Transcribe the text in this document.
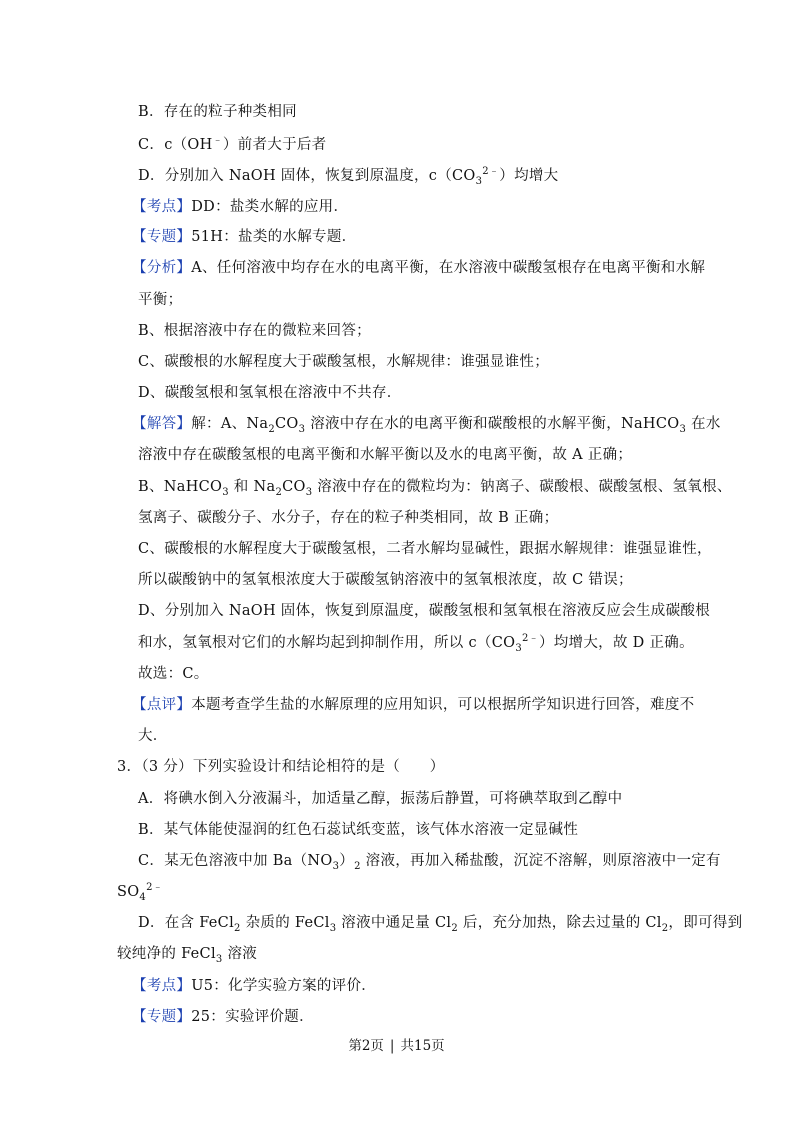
B．存在的粒子种类相同
C．c（OH﹣）前者大于后者
D．分别加入 NaOH 固体，恢复到原温度，$c(CO_3^{2﹣})$均增大
【考点】DD：盐类水解的应用．
【专题】51H：盐类的水解专题．
【分析】A、任何溶液中均存在水的电离平衡，在水溶液中碳酸氢根存在电离平衡和水解
平衡；
B、根据溶液中存在的微粒来回答；
C、碳酸根的水解程度大于碳酸氢根，水解规律：谁强显谁性；
D、碳酸氢根和氢氧根在溶液中不共存．
【解答】解：A、$Na_2CO_3$ 溶液中存在水的电离平衡和碳酸根的水解平衡，NaHCO$_3$ 在水
溶液中存在碳酸氢根的电离平衡和水解平衡以及水的电离平衡，故 A 正确；
B、NaHCO$_3$ 和 $Na_2CO_3$ 溶液中存在的微粒均为：钠离子、碳酸根、碳酸氢根、氢氧根、
氢离子、碳酸分子、水分子，存在的粒子种类相同，故 B 正确；
C、碳酸根的水解程度大于碳酸氢根，二者水解均显碱性，跟据水解规律：谁强显谁性，
所以碳酸钠中的氢氧根浓度大于碳酸氢钠溶液中的氢氧根浓度，故 C 错误；
D、分别加入 NaOH 固体，恢复到原温度，碳酸氢根和氢氧根在溶液反应会生成碳酸根
和水，氢氧根对它们的水解均起到抑制作用，所以 $c(CO_3^{2﹣})$均增大，故 D 正确。
故选：C。
【点评】本题考查学生盐的水解原理的应用知识，可以根据所学知识进行回答，难度不
大．
3．（3 分）下列实验设计和结论相符的是（　　）
A．将碘水倒入分液漏斗，加适量乙醇，振荡后静置，可将碘萃取到乙醇中
B．某气体能使湿润的红色石蕊试纸变蓝，该气体水溶液一定显碱性
C．某无色溶液中加 $Ba(NO_3)_2$ 溶液，再加入稀盐酸，沉淀不溶解，则原溶液中一定有
$SO_4^{2﹣}$
D．在含 FeCl$_2$ 杂质的 FeCl$_3$ 溶液中通足量 $Cl_2$ 后，充分加热，除去过量的 $Cl_2$，即可得到
较纯净的 FeCl$_3$ 溶液
【考点】U5：化学实验方案的评价．
【专题】25：实验评价题．
第2页 | 共15页
